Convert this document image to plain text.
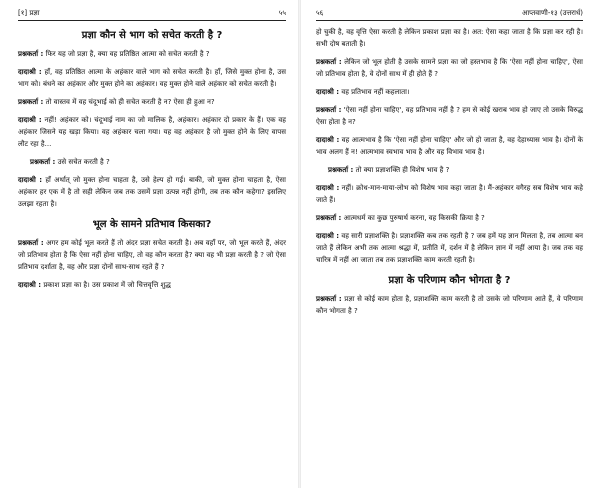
[१] प्रज्ञा	५५
प्रज्ञा कौन से भाग को सचेत करती है ?

प्रश्नकर्ता : फिर यह जो प्रज्ञा है, क्या वह प्रतिष्ठित आत्मा को सचेत करती है ?

दादाश्री : हाँ, वह प्रतिष्ठित आत्मा के अहंकार वाले भाग को सचेत करती है। हाँ, जिसे मुक्त होना है, उस भाग को। बंधने का अहंकार और मुक्त होने का अहंकार। वह मुक्त होने वाले अहंकार को सचेत करती है।

प्रश्नकर्ता : तो वास्तव में वह चंदूभाई को ही सचेत करती है न? ऐसा ही हुआ न?

दादाश्री : नहीं! अहंकार को। चंदूभाई नाम का जो मालिक है, अहंकार। अहंकार दो प्रकार के हैं। एक वह अहंकार जिसने यह खड़ा किया। वह अहंकार चला गया। यह वह अहंकार है जो मुक्त होने के लिए वापस लौट रहा है...

प्रश्नकर्ता : उसे सचेत करती है ?

दादाश्री : हाँ अर्थात् जो मुक्त होना चाहता है, उसे हेल्प हो गई। बाकी, जो मुक्त होना चाहता है, ऐसा अहंकार हर एक में है तो सही लेकिन जब तक उसमें प्रज्ञा उत्पन्न नहीं होगी, तब तक कौन कहेगा? इसलिए उलझा रहता है।

भूल के सामने प्रतिभाव किसका?

प्रश्नकर्ता : अगर हम कोई भूल करते हैं तो अंदर प्रज्ञा सचेत करती है। अब वहाँ पर, जो भूल करते हैं, अंदर जो प्रतिभाव होता है कि ऐसा नहीं होना चाहिए, तो वह कौन करता है? क्या वह भी प्रज्ञा करती है ? जो ऐसा प्रतिभाव दर्शाता है, वह और प्रज्ञा दोनों साथ-साथ रहते हैं ?

दादाश्री : प्रकाश प्रज्ञा का है। उस प्रकाश में जो चित्तवृत्ति शुद्ध

५६	आप्तवाणी-१३ (उत्तरार्ध)

हो चुकी है, वह वृत्ति ऐसा करती है लेकिन प्रकाश प्रज्ञा का है। अत: ऐसा कहा जाता है कि प्रज्ञा कर रही है। सभी दोष बताती है।

प्रश्नकर्ता : लेकिन जो भूल होती है उसके सामने प्रज्ञा का जो हस्तभाव है कि 'ऐसा नहीं होना चाहिए', ऐसा जो प्रतिभाव होता है, वे दोनों साथ में ही होते हैं ?

दादाश्री : वह प्रतिभाव नहीं कहलाता।

प्रश्नकर्ता : 'ऐसा नहीं होना चाहिए', वह प्रतिभाव नहीं है ? हम से कोई खराब भाव हो जाए तो उसके विरुद्ध ऐसा होता है न?

दादाश्री : वह आत्मभाव है कि 'ऐसा नहीं होना चाहिए' और जो हो जाता है, वह देहाध्यास भाव है। दोनों के भाव अलग हैं न! आत्मभाव स्वभाव भाव है और वह विभाव भाव है।

प्रश्नकर्ता : तो क्या प्रज्ञाशक्ति ही विशेष भाव है ?

दादाश्री : नहीं। क्रोध-मान-माया-लोभ को विशेष भाव कहा जाता है। मैं-अहंकार वगैरह सब विशेष भाव कहे जाते हैं।

प्रश्नकर्ता : आत्मधर्म का कुछ पुरुषार्थ करना, वह किसकी क्रिया है ?

दादाश्री : वह सारी प्रज्ञाशक्ति है। प्रज्ञाशक्ति कब तक रहती है ? जब हमें यह ज्ञान मिलता है, तब आत्मा बन जाते हैं लेकिन अभी तक आत्मा श्रद्धा में, प्रतीति में, दर्शन में है लेकिन ज्ञान में नहीं आया है। जब तक वह चारित्र में नहीं आ जाता तब तक प्रज्ञाशक्ति काम करती रहती है।

प्रज्ञा के परिणाम कौन भोगता है ?

प्रश्नकर्ता : प्रज्ञा से कोई काम होता है, प्रज्ञाशक्ति काम करती है तो उसके जो परिणाम आते हैं, वे परिणाम कौन भोगता है ?
